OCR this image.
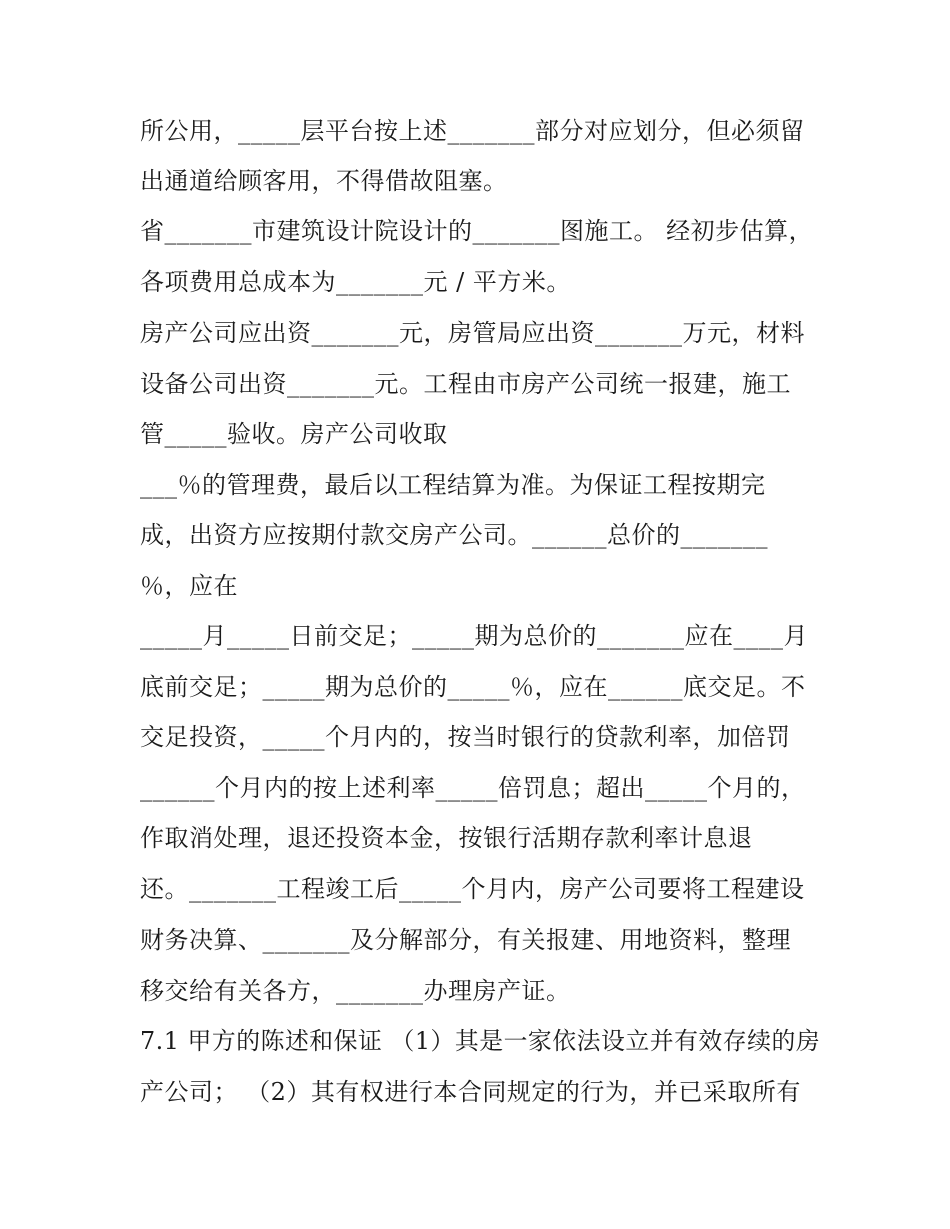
所公用，_____层平台按上述_______部分对应划分，但必须留
出通道给顾客用，不得借故阻塞。
省_______市建筑设计院设计的_______图施工。 经初步估算，
各项费用总成本为_______元 / 平方米。
房产公司应出资_______元，房管局应出资_______万元，材料
设备公司出资_______元。工程由市房产公司统一报建，施工
管_____验收。房产公司收取
___％的管理费，最后以工程结算为准。为保证工程按期完
成，出资方应按期付款交房产公司。______总价的_______
％，应在
_____月_____日前交足；_____期为总价的_______应在____月
底前交足；_____期为总价的_____％，应在______底交足。不
交足投资，_____个月内的，按当时银行的贷款利率，加倍罚
______个月内的按上述利率_____倍罚息；超出_____个月的，
作取消处理，退还投资本金，按银行活期存款利率计息退
还。_______工程竣工后_____个月内，房产公司要将工程建设
财务决算、_______及分解部分，有关报建、用地资料，整理
移交给有关各方，_______办理房产证。
7.1 甲方的陈述和保证 （1）其是一家依法设立并有效存续的房
产公司； （2）其有权进行本合同规定的行为，并已采取所有
